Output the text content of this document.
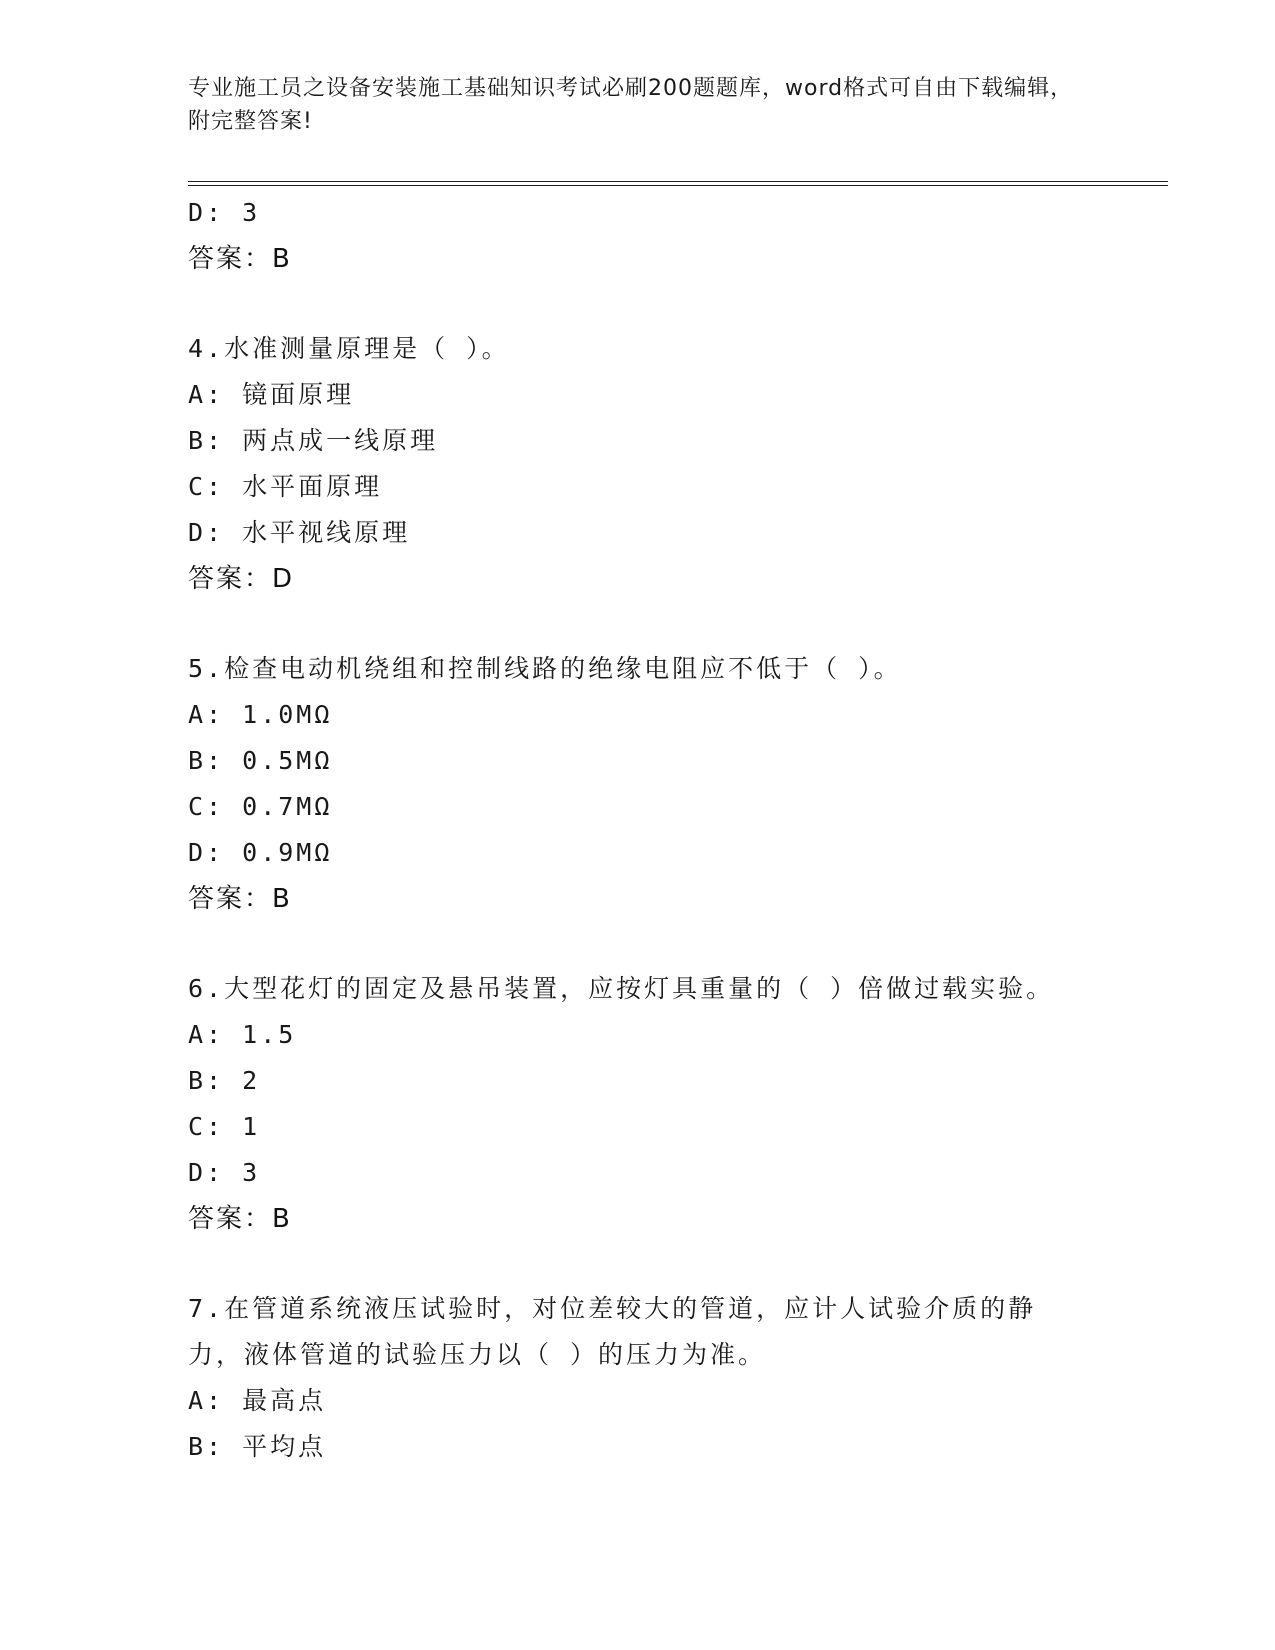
专业施工员之设备安装施工基础知识考试必刷200题题库，word格式可自由下载编辑，附完整答案!
D: 3
答案：B
4.水准测量原理是（ ）。
A: 镜面原理
B: 两点成一线原理
C: 水平面原理
D: 水平视线原理
答案：D
5.检查电动机绕组和控制线路的绝缘电阻应不低于（ ）。
A: 1.0MΩ
B: 0.5MΩ
C: 0.7MΩ
D: 0.9MΩ
答案：B
6.大型花灯的固定及悬吊装置，应按灯具重量的（ ）倍做过载实验。
A: 1.5
B: 2
C: 1
D: 3
答案：B
7.在管道系统液压试验时，对位差较大的管道，应计人试验介质的静力，液体管道的试验压力以（ ）的压力为准。
A: 最高点
B: 平均点
